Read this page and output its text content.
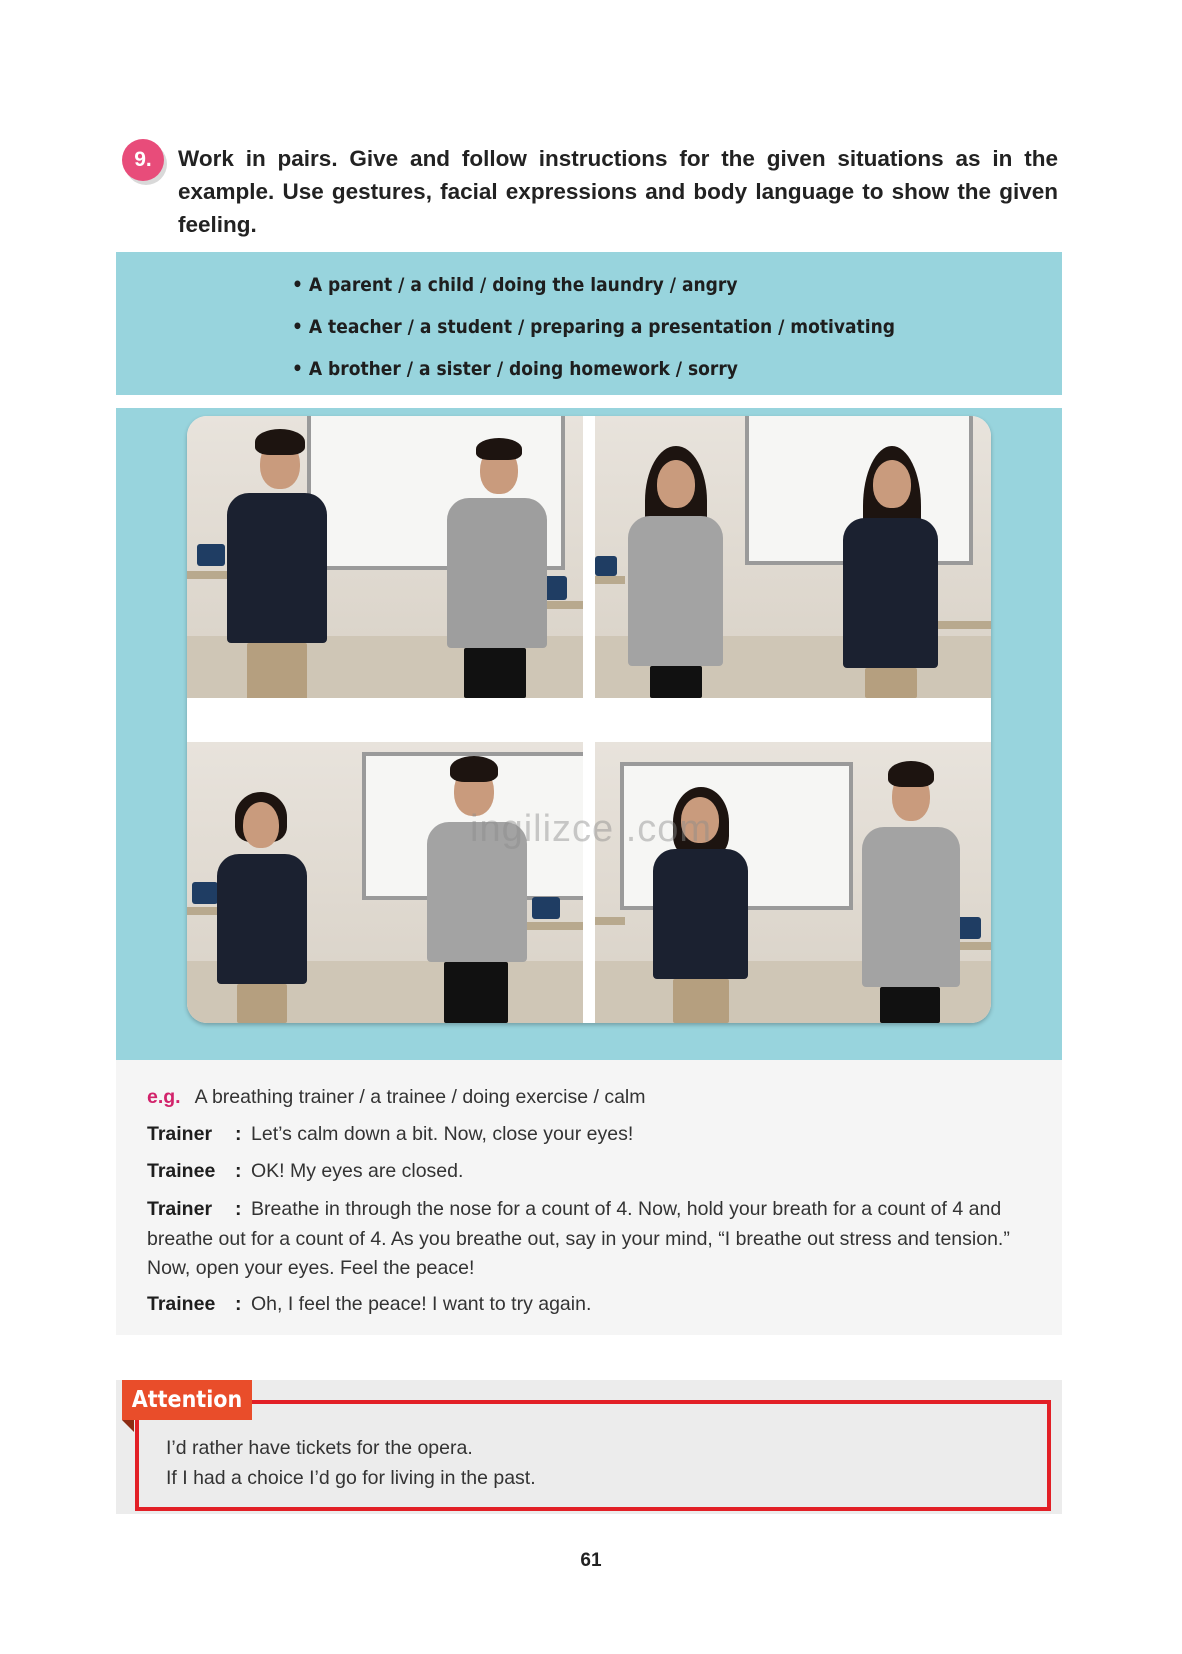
9.	Work in pairs. Give and follow instructions for the given situations as in the example. Use gestures, facial expressions and body language to show the given feeling.

• A parent / a child / doing the laundry / angry
• A teacher / a student / preparing a presentation / motivating
• A brother / a sister / doing homework / sorry
ingilizce .com
e.g. A breathing trainer / a trainee / doing exercise / calm
Trainer : Let’s calm down a bit. Now, close your eyes!
Trainee : OK! My eyes are closed.
Trainer : Breathe in through the nose for a count of 4. Now, hold your breath for a count of 4 and breathe out for a count of 4. As you breathe out, say in your mind, “I breathe out stress and tension.” Now, open your eyes. Feel the peace!
Trainee : Oh, I feel the peace! I want to try again.
Attention
I’d rather have tickets for the opera.
If I had a choice I’d go for living in the past.
61
